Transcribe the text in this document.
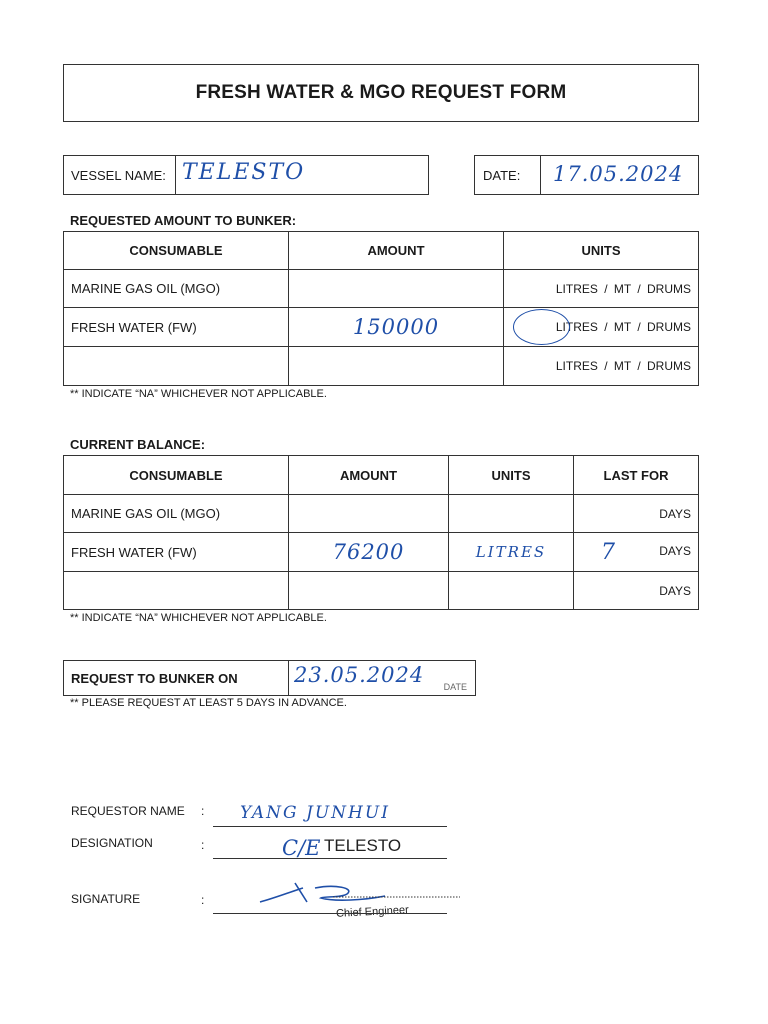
FRESH WATER & MGO REQUEST FORM
VESSEL NAME: TELESTO	DATE: 17.05.2024
REQUESTED AMOUNT TO BUNKER:
CONSUMABLE	AMOUNT	UNITS
MARINE GAS OIL (MGO)		LITRES / MT / DRUMS
FRESH WATER (FW)	150000	LITRES / MT / DRUMS
		LITRES / MT / DRUMS
** INDICATE “NA” WHICHEVER NOT APPLICABLE.
CURRENT BALANCE:
CONSUMABLE	AMOUNT	UNITS	LAST FOR
MARINE GAS OIL (MGO)			DAYS

FRESH WATER (FW)	76200	LITRES	7 DAYS

			DAYS
** INDICATE “NA” WHICHEVER NOT APPLICABLE.
REQUEST TO BUNKER ON	23.05.2024 DATE
** PLEASE REQUEST AT LEAST 5 DAYS IN ADVANCE.
REQUESTOR NAME : YANG JUNHUI
DESIGNATION	:	C/E TELESTO
SIGNATURE	:
Chief Engineer
